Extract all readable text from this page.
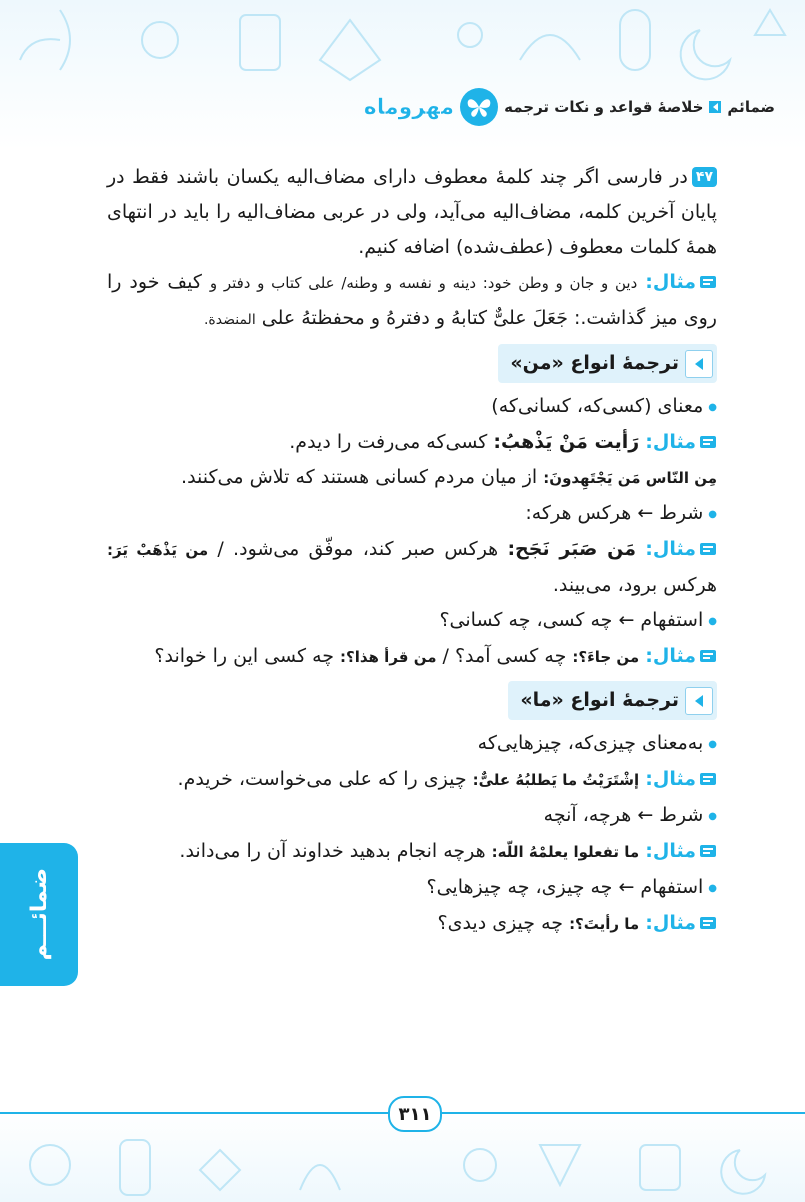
مهروماه	خلاصهٔ قواعد و نکات ترجمه ضمائم

۴۷در فارسی اگر چند کلمهٔ معطوف دارای مضاف‌الیه یکسان باشند فقط در پایان آخرین کلمه، مضاف‌الیه می‌آید، ولی در عربی مضاف‌الیه را باید در انتهای همهٔ کلمات معطوف (عطف‌شده) اضافه کنیم.

مثال: دین و جان و وطن خود: دینه و نفسه و وطنه/ علی کتاب و دفتر و کیف خود را روی میز گذاشت.: جَعَلَ علیٌّ کتابهُ و دفترهُ و محفظتهُ علی المنضدة.

ترجمهٔ انواع «من»

● معنای (کسی‌که، کسانی‌که)

مثال: رَأیت مَنْ یَذْهبُ: کسی‌که می‌رفت را دیدم.

مِن النّاس مَن یَجْتَهِدونَ: از میان مردم کسانی هستند که تلاش می‌کنند.

● شرط ← هرکس هرکه:

مثال: مَن صَبَر نَجَح: هرکس صبر کند، موفّق می‌شود. / من یَذْهَبْ یَرَ: هرکس برود، می‌بیند.

● استفهام ← چه کسی، چه کسانی؟

مثال: من جاءَ؟: چه کسی آمد؟ / من قرأ هذا؟: چه کسی این را خواند؟

ترجمهٔ انواع «ما»

● به‌معنای چیزی‌که، چیزهایی‌که

مثال: إشْتَرَیْتُ ما یَطلبُهُ علیٌّ: چیزی را که علی می‌خواست، خریدم.

● شرط ← هرچه، آنچه

مثال: ما تفعلوا یعلمْهُ اللّه: هرچه انجام بدهید خداوند آن را می‌داند.

● استفهام ← چه چیزی، چه چیزهایی؟

مثال: ما رأیتَ؟: چه چیزی دیدی؟

ضمائـــم
۳۱۱
